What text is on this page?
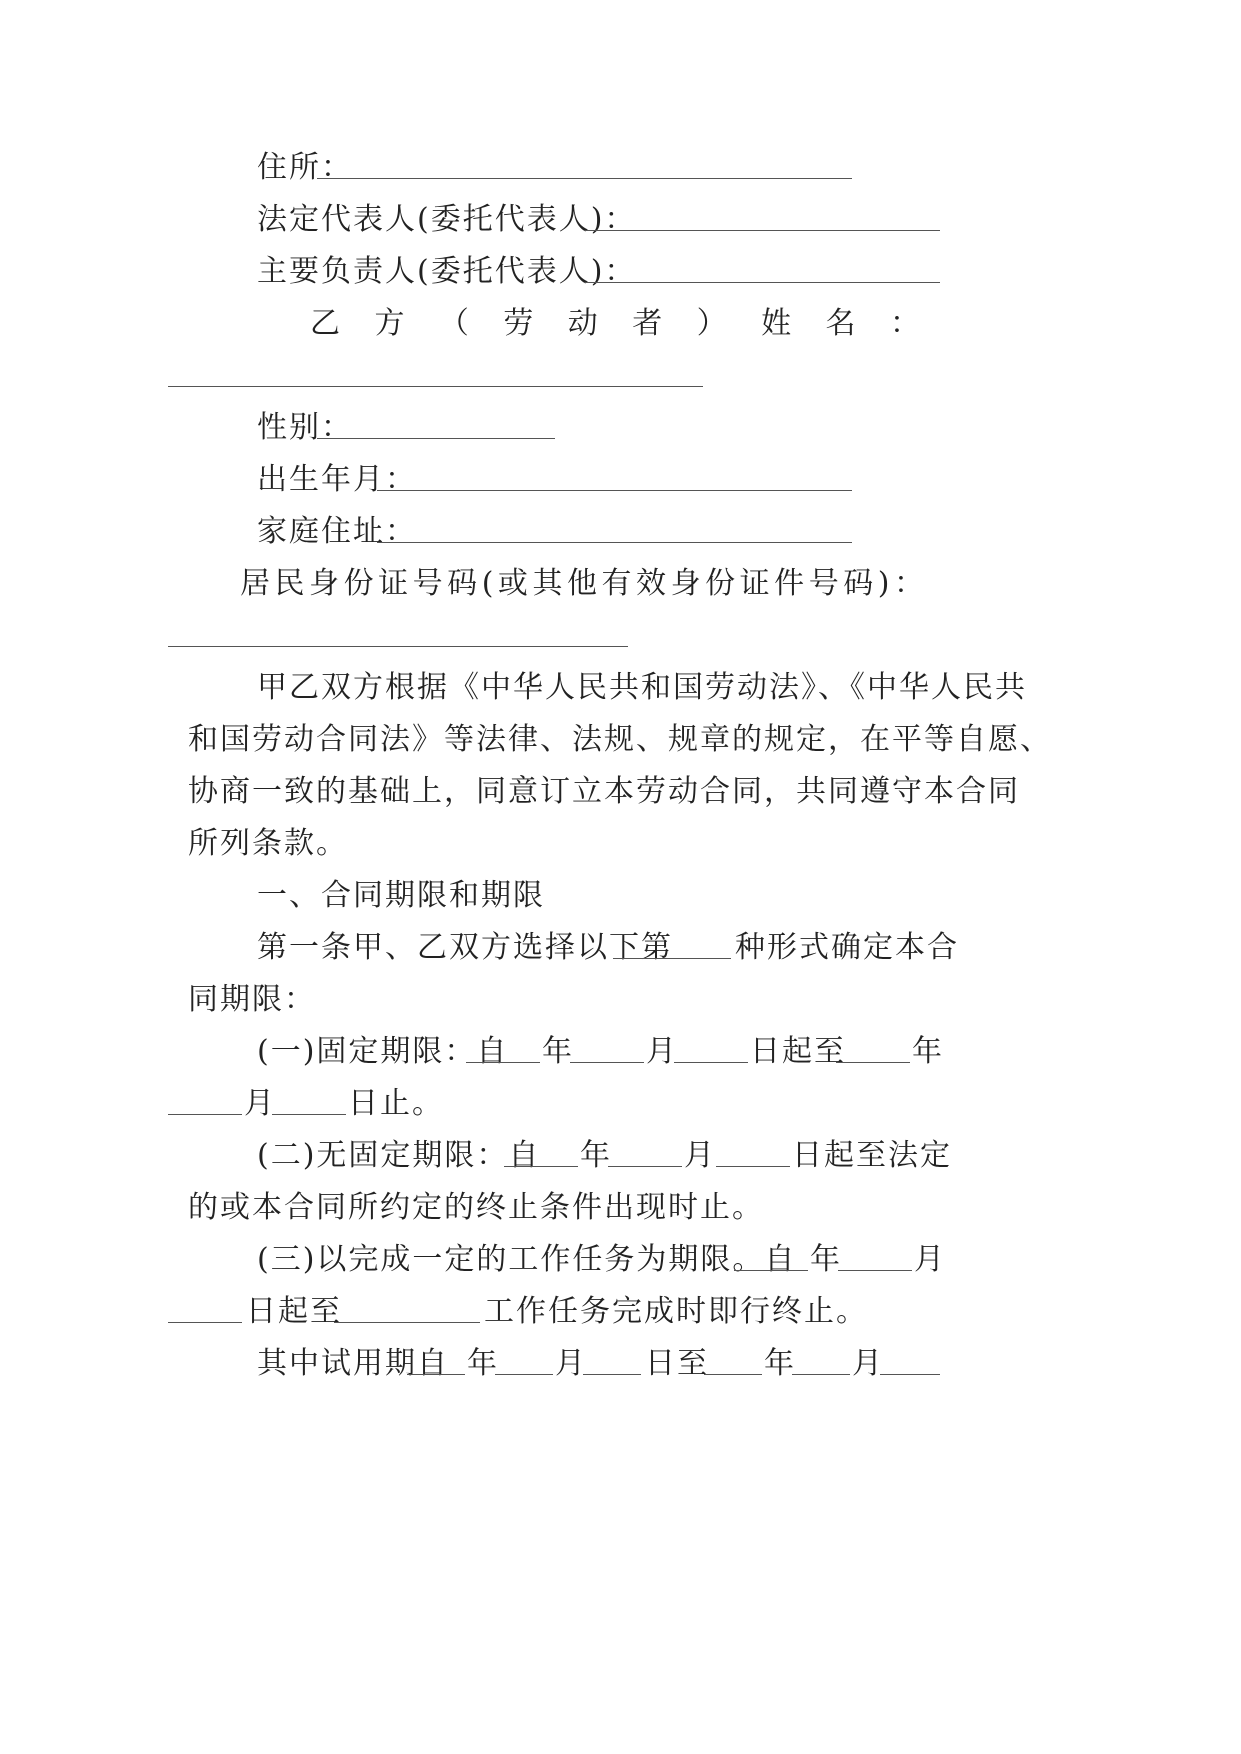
住所：
法定代表人(委托代表人)：
主要负责人(委托代表人)：
乙方（劳动者）姓名：
性别：
出生年月：
家庭住址：
居民身份证号码(或其他有效身份证件号码)：
甲乙双方根据《中华人民共和国劳动法》、《中华人民共
和国劳动合同法》等法律、法规、规章的规定，在平等自愿、
协商一致的基础上，同意订立本劳动合同，共同遵守本合同
所列条款。
一、合同期限和期限
第一条甲、乙双方选择以下第 种形式确定本合
同期限：
(一)固定期限：自 年 月 日起至 年
月 日止。
(二)无固定期限：自 年 月	日起至法定
的或本合同所约定的终止条件出现时止。
(三)以完成一定的工作任务为期限。自 年 月
日起至	工作任务完成时即行终止。
其中试用期自 年 月 日至 年 月
